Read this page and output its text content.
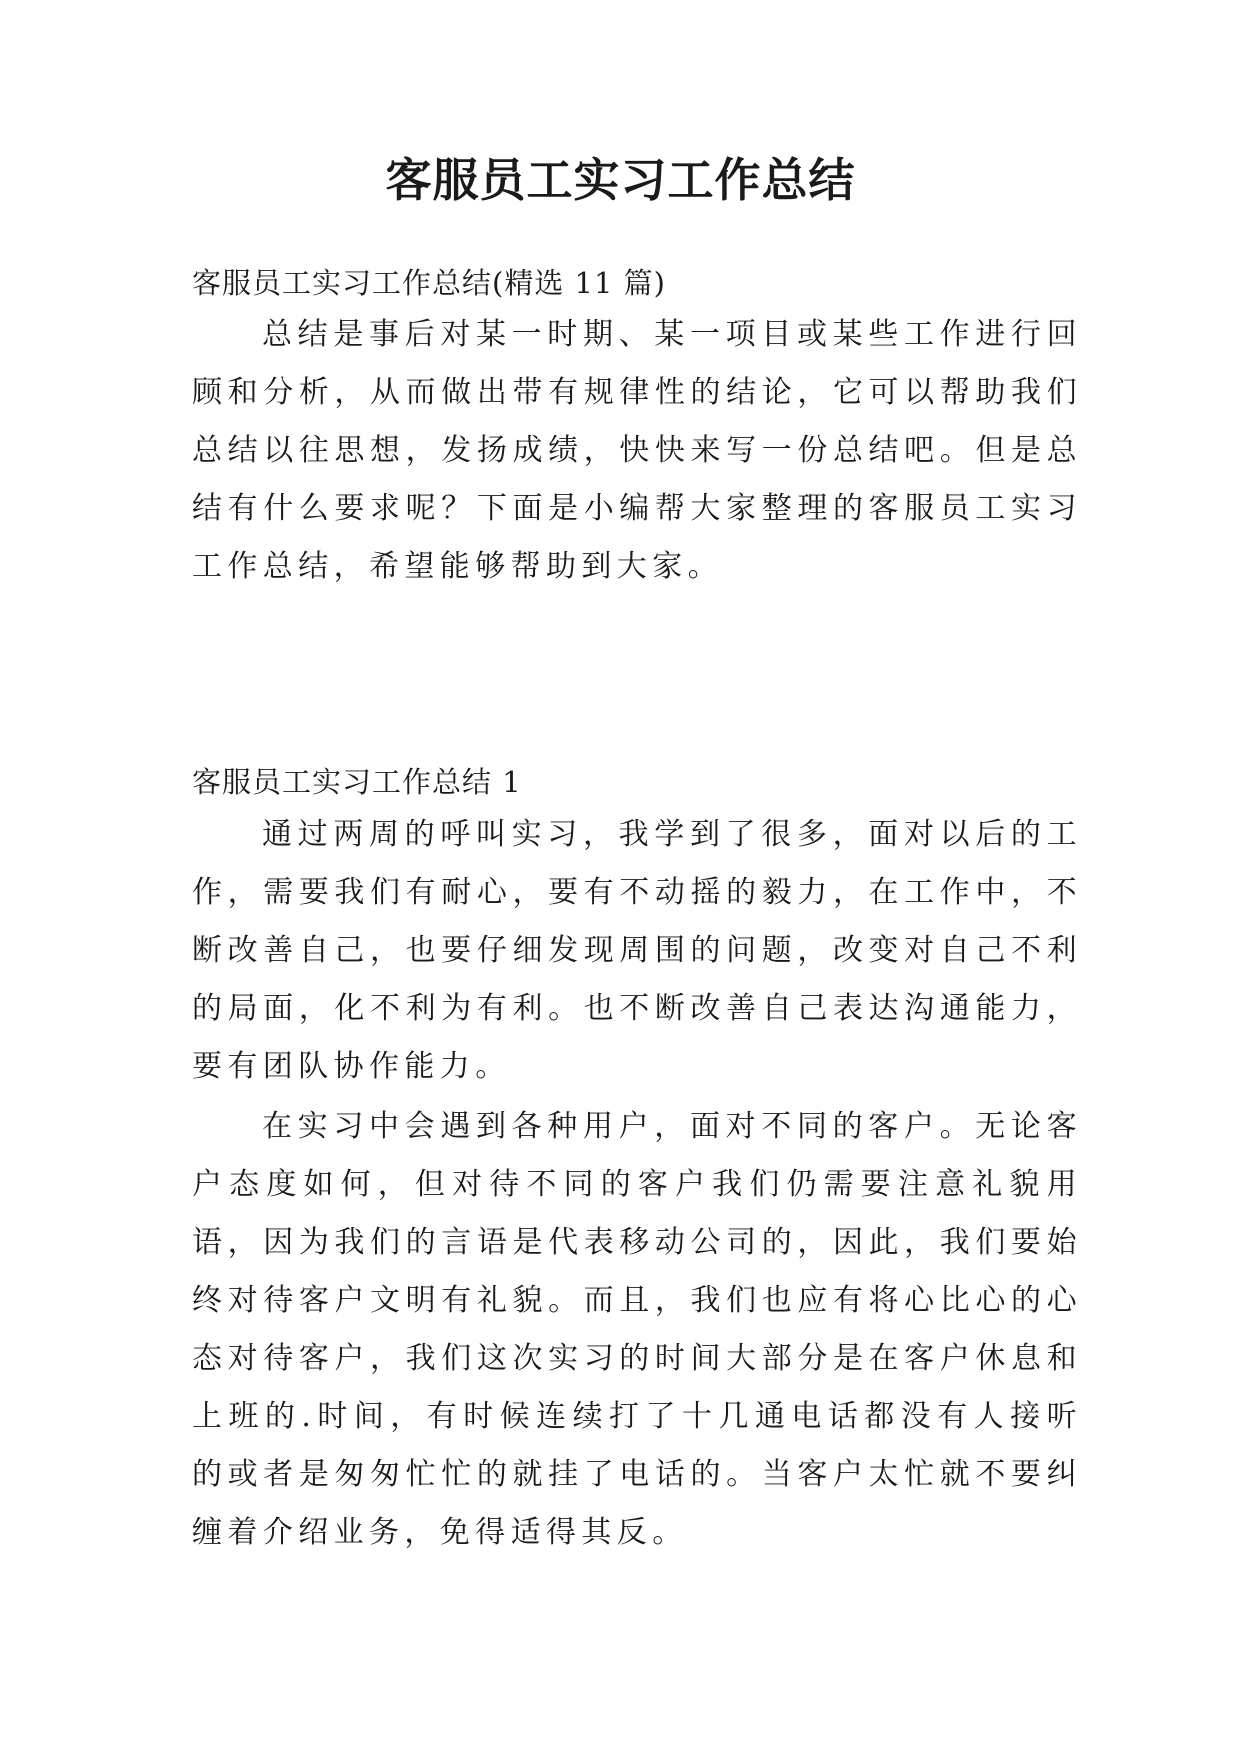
客服员工实习工作总结

客服员工实习工作总结(精选 11 篇)

总结是事后对某一时期、某一项目或某些工作进行回顾和分析，从而做出带有规律性的结论，它可以帮助我们总结以往思想，发扬成绩，快快来写一份总结吧。但是总结有什么要求呢？下面是小编帮大家整理的客服员工实习工作总结，希望能够帮助到大家。

客服员工实习工作总结 1

通过两周的呼叫实习，我学到了很多，面对以后的工作，需要我们有耐心，要有不动摇的毅力，在工作中，不断改善自己，也要仔细发现周围的问题，改变对自己不利的局面，化不利为有利。也不断改善自己表达沟通能力，要有团队协作能力。

在实习中会遇到各种用户，面对不同的客户。无论客户态度如何，但对待不同的客户我们仍需要注意礼貌用语，因为我们的言语是代表移动公司的，因此，我们要始终对待客户文明有礼貌。而且，我们也应有将心比心的心态对待客户，我们这次实习的时间大部分是在客户休息和上班的.时间，有时候连续打了十几通电话都没有人接听的或者是匆匆忙忙的就挂了电话的。当客户太忙就不要纠缠着介绍业务，免得适得其反。
